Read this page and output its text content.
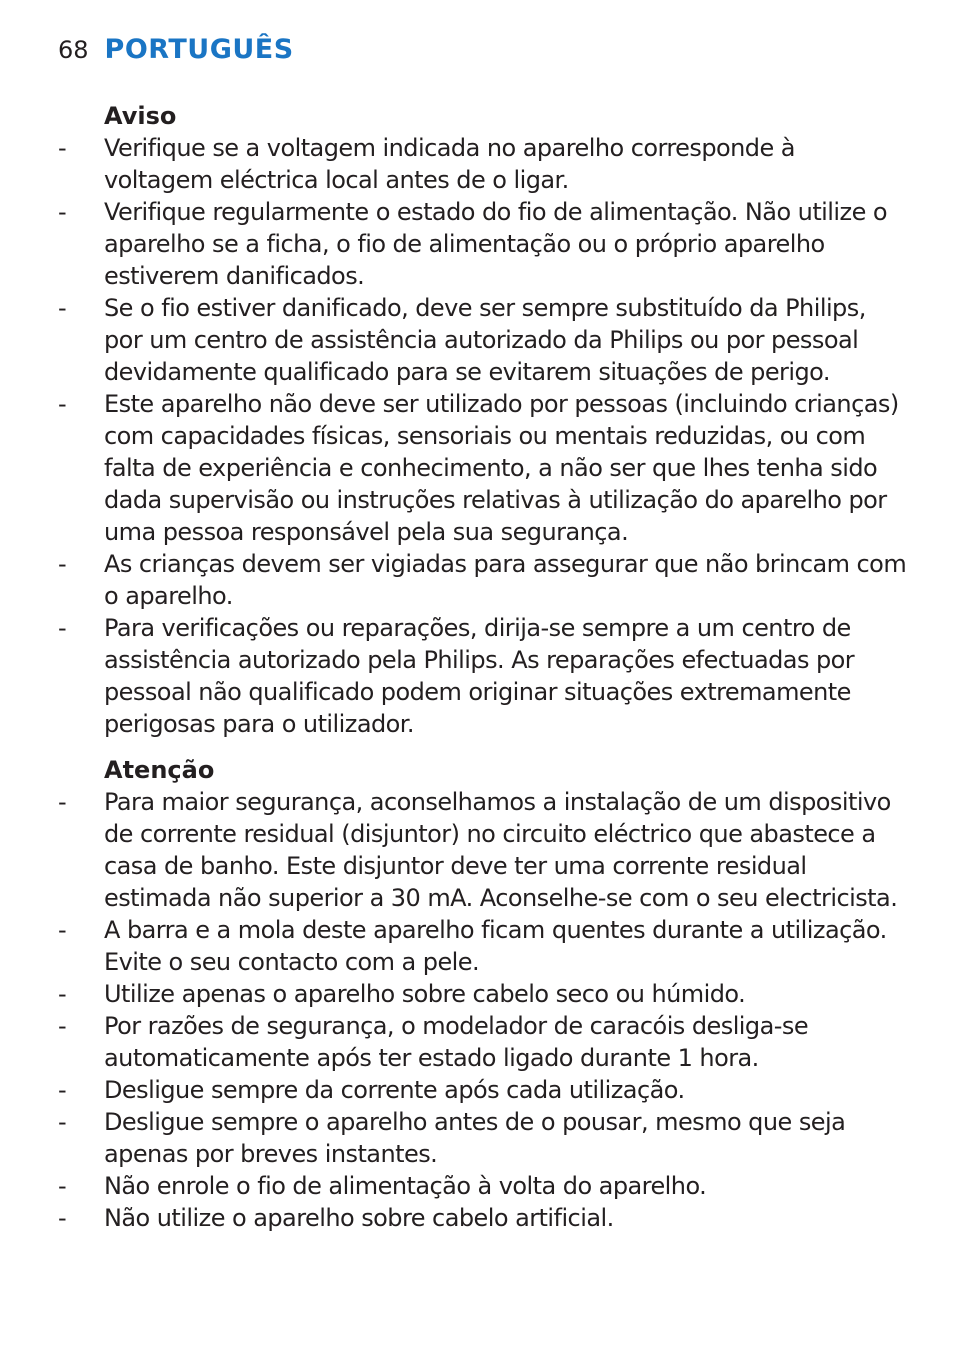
68 PORTUGUÊS
Aviso
- Verifique se a voltagem indicada no aparelho corresponde à voltagem eléctrica local antes de o ligar.
- Verifique regularmente o estado do fio de alimentação. Não utilize o aparelho se a ficha, o fio de alimentação ou o próprio aparelho estiverem danificados.
- Se o fio estiver danificado, deve ser sempre substituído da Philips, por um centro de assistência autorizado da Philips ou por pessoal devidamente qualificado para se evitarem situações de perigo.
- Este aparelho não deve ser utilizado por pessoas (incluindo crianças) com capacidades físicas, sensoriais ou mentais reduzidas, ou com falta de experiência e conhecimento, a não ser que lhes tenha sido dada supervisão ou instruções relativas à utilização do aparelho por uma pessoa responsável pela sua segurança.
- As crianças devem ser vigiadas para assegurar que não brincam com o aparelho.
- Para verificações ou reparações, dirija-se sempre a um centro de assistência autorizado pela Philips. As reparações efectuadas por pessoal não qualificado podem originar situações extremamente perigosas para o utilizador.
Atenção
- Para maior segurança, aconselhamos a instalação de um dispositivo de corrente residual (disjuntor) no circuito eléctrico que abastece a casa de banho. Este disjuntor deve ter uma corrente residual estimada não superior a 30 mA. Aconselhe-se com o seu electricista.
- A barra e a mola deste aparelho ficam quentes durante a utilização. Evite o seu contacto com a pele.
- Utilize apenas o aparelho sobre cabelo seco ou húmido.
- Por razões de segurança, o modelador de caracóis desliga-se automaticamente após ter estado ligado durante 1 hora.
- Desligue sempre da corrente após cada utilização.
- Desligue sempre o aparelho antes de o pousar, mesmo que seja apenas por breves instantes.
- Não enrole o fio de alimentação à volta do aparelho.
- Não utilize o aparelho sobre cabelo artificial.
